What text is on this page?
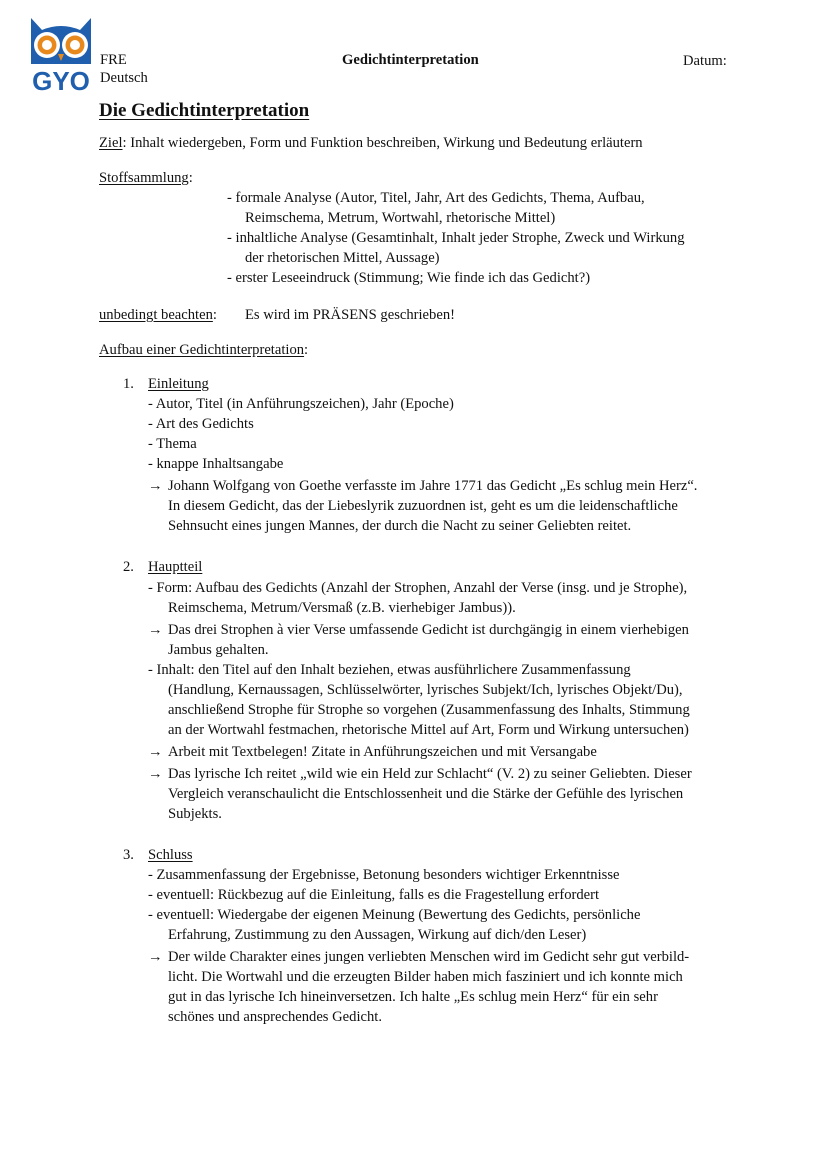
GYO
FRE
Deutsch
Gedichtinterpretation	Datum:
Die Gedichtinterpretation
Ziel: Inhalt wiedergeben, Form und Funktion beschreiben, Wirkung und Bedeutung erläutern
Stoffsammlung:
- formale Analyse (Autor, Titel, Jahr, Art des Gedichts, Thema, Aufbau,
Reimschema, Metrum, Wortwahl, rhetorische Mittel)
- inhaltliche Analyse (Gesamtinhalt, Inhalt jeder Strophe, Zweck und Wirkung
der rhetorischen Mittel, Aussage)
- erster Leseeindruck (Stimmung; Wie finde ich das Gedicht?)
unbedingt beachten: Es wird im PRÄSENS geschrieben!
Aufbau einer Gedichtinterpretation:
1. Einleitung
- Autor, Titel (in Anführungszeichen), Jahr (Epoche)
- Art des Gedichts
- Thema
- knappe Inhaltsangabe
→ Johann Wolfgang von Goethe verfasste im Jahre 1771 das Gedicht „Es schlug mein Herz“.
In diesem Gedicht, das der Liebeslyrik zuzuordnen ist, geht es um die leidenschaftliche
Sehnsucht eines jungen Mannes, der durch die Nacht zu seiner Geliebten reitet.
2. Hauptteil
- Form: Aufbau des Gedichts (Anzahl der Strophen, Anzahl der Verse (insg. und je Strophe),
Reimschema, Metrum/Versmaß (z.B. vierhebiger Jambus)).
→ Das drei Strophen à vier Verse umfassende Gedicht ist durchgängig in einem vierhebigen
Jambus gehalten.
- Inhalt: den Titel auf den Inhalt beziehen, etwas ausführlichere Zusammenfassung
(Handlung, Kernaussagen, Schlüsselwörter, lyrisches Subjekt/Ich, lyrisches Objekt/Du),
anschließend Strophe für Strophe so vorgehen (Zusammenfassung des Inhalts, Stimmung
an der Wortwahl festmachen, rhetorische Mittel auf Art, Form und Wirkung untersuchen)
→ Arbeit mit Textbelegen! Zitate in Anführungszeichen und mit Versangabe
→ Das lyrische Ich reitet „wild wie ein Held zur Schlacht“ (V. 2) zu seiner Geliebten. Dieser
Vergleich veranschaulicht die Entschlossenheit und die Stärke der Gefühle des lyrischen
Subjekts.
3. Schluss
- Zusammenfassung der Ergebnisse, Betonung besonders wichtiger Erkenntnisse
- eventuell: Rückbezug auf die Einleitung, falls es die Fragestellung erfordert
- eventuell: Wiedergabe der eigenen Meinung (Bewertung des Gedichts, persönliche
Erfahrung, Zustimmung zu den Aussagen, Wirkung auf dich/den Leser)
→ Der wilde Charakter eines jungen verliebten Menschen wird im Gedicht sehr gut verbild-
licht. Die Wortwahl und die erzeugten Bilder haben mich fasziniert und ich konnte mich
gut in das lyrische Ich hineinversetzen. Ich halte „Es schlug mein Herz“ für ein sehr
schönes und ansprechendes Gedicht.
